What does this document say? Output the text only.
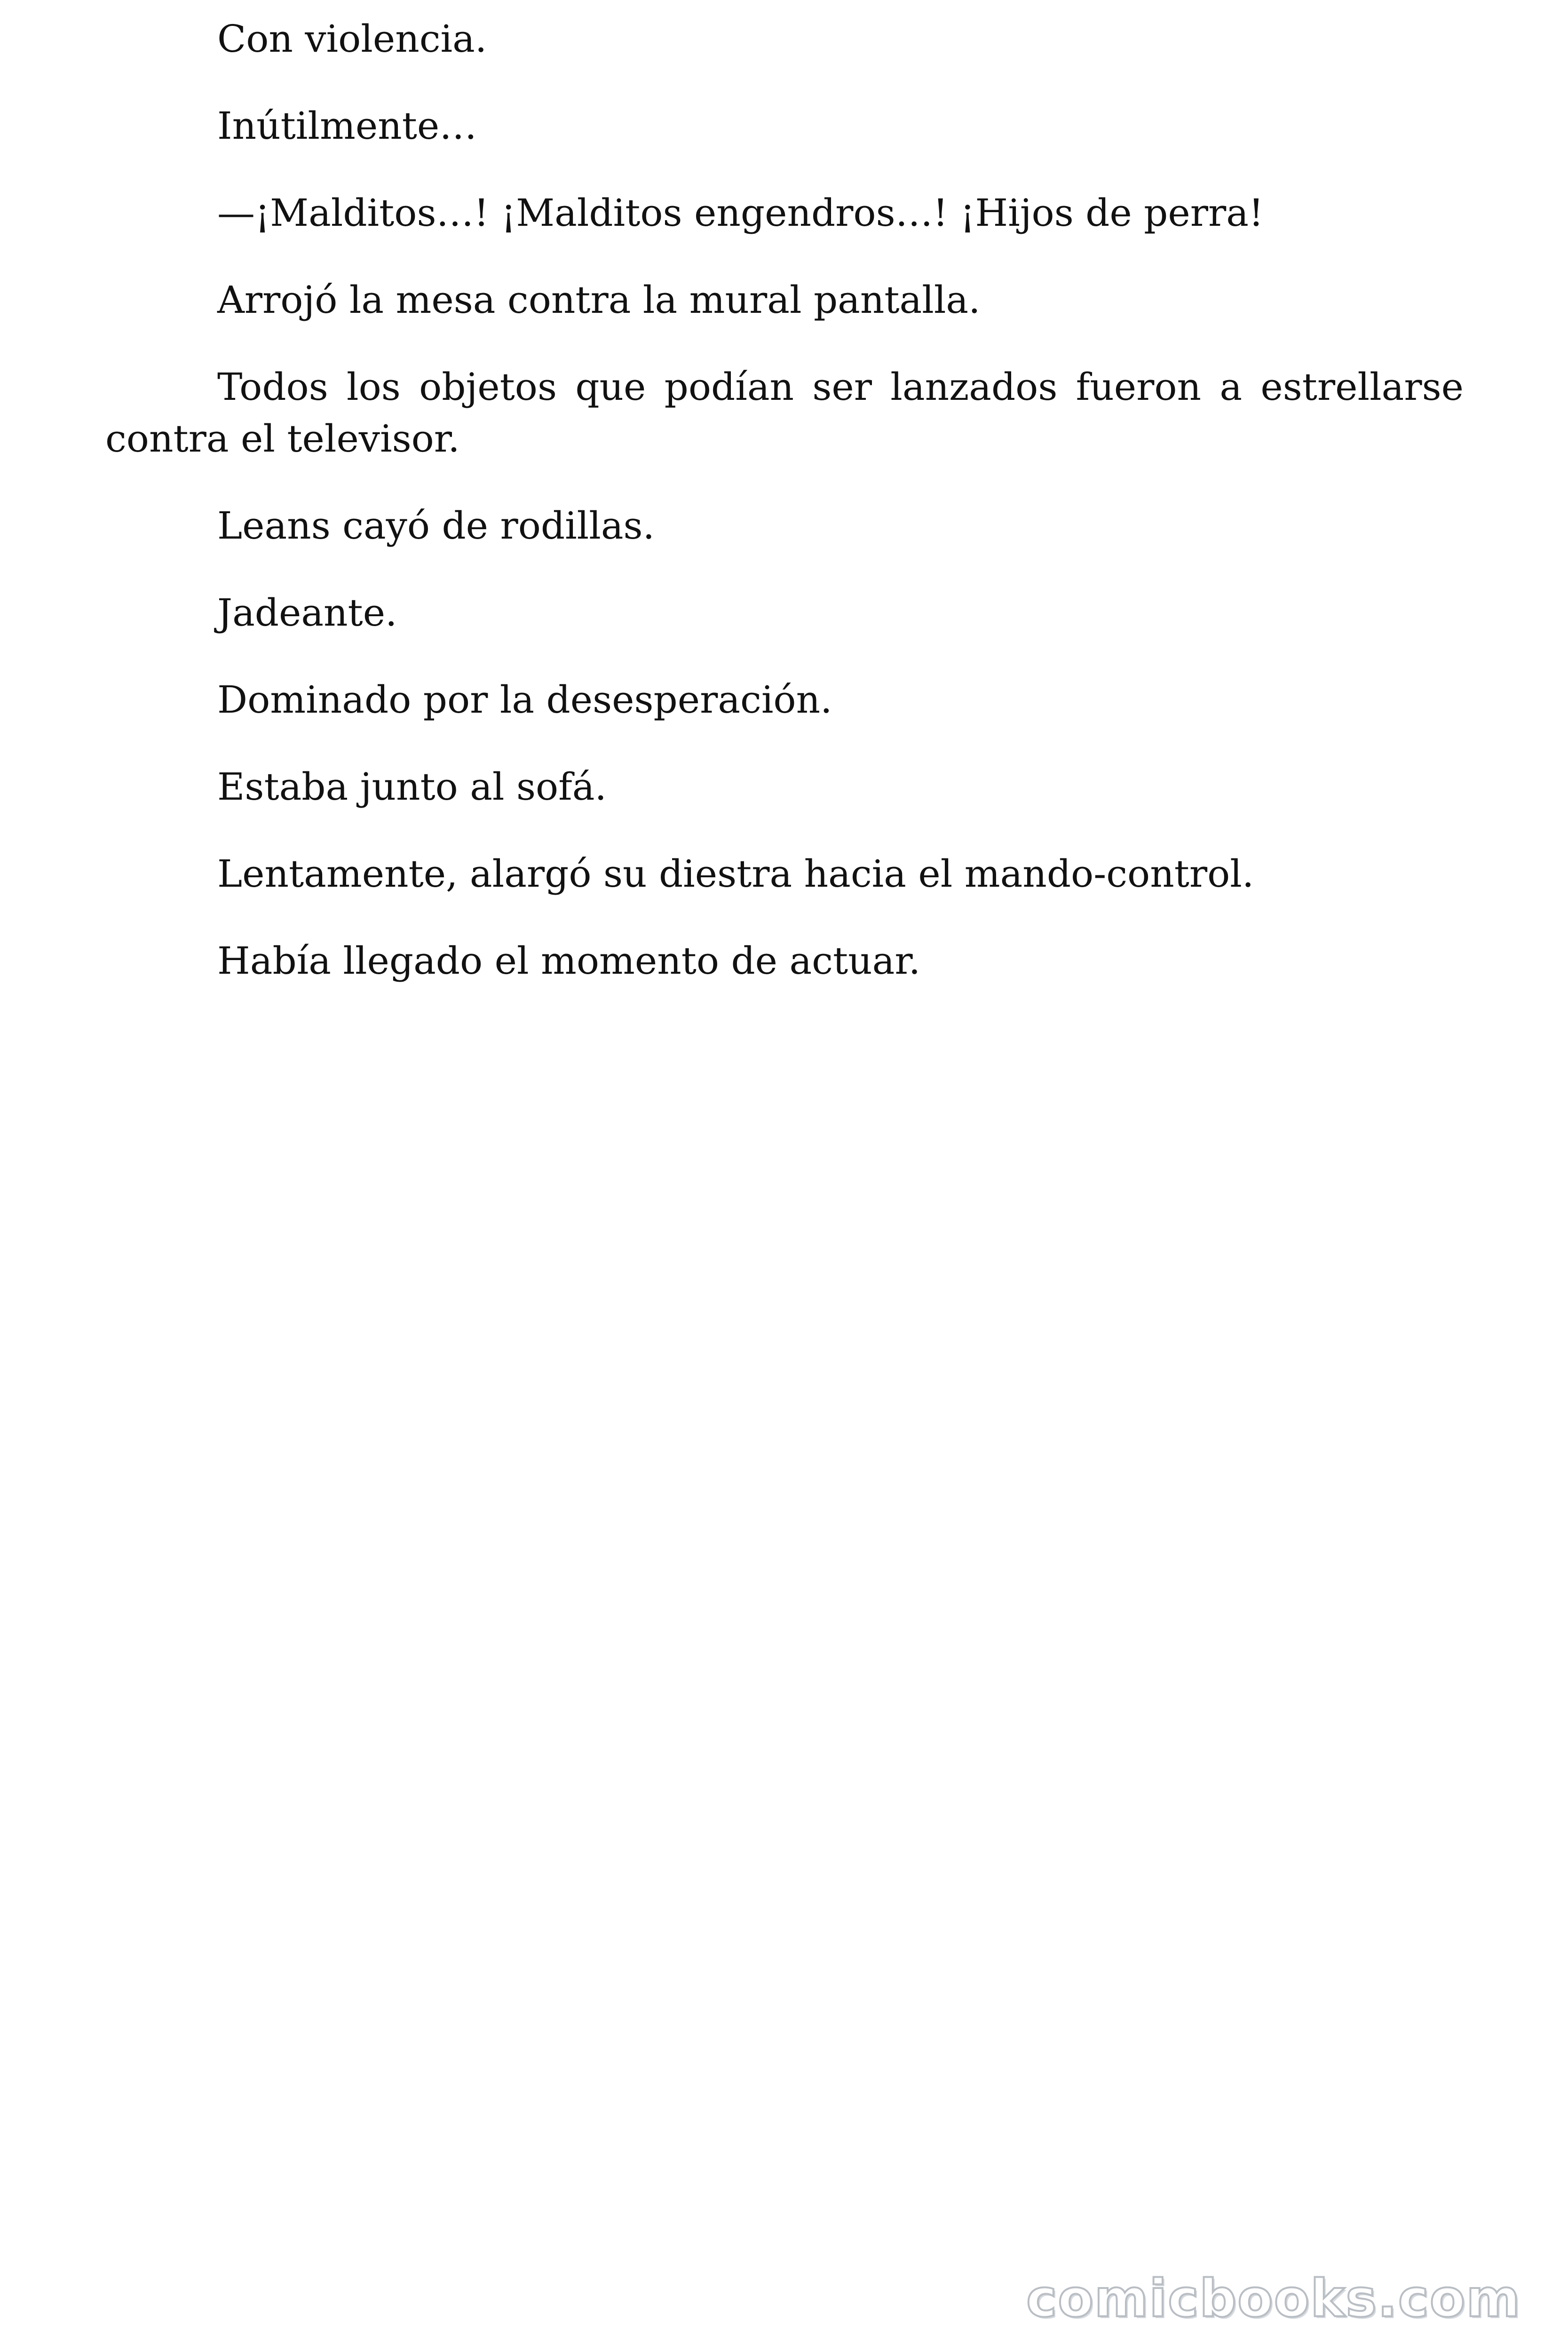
Con violencia.

Inútilmente…

—¡Malditos…! ¡Malditos engendros…! ¡Hijos de perra!

Arrojó la mesa contra la mural pantalla.

Todos los objetos que podían ser lanzados fueron a estrellarse contra el televisor.

Leans cayó de rodillas.

Jadeante.

Dominado por la desesperación.

Estaba junto al sofá.

Lentamente, alargó su diestra hacia el mando-control.

Había llegado el momento de actuar.

comicbooks.com
